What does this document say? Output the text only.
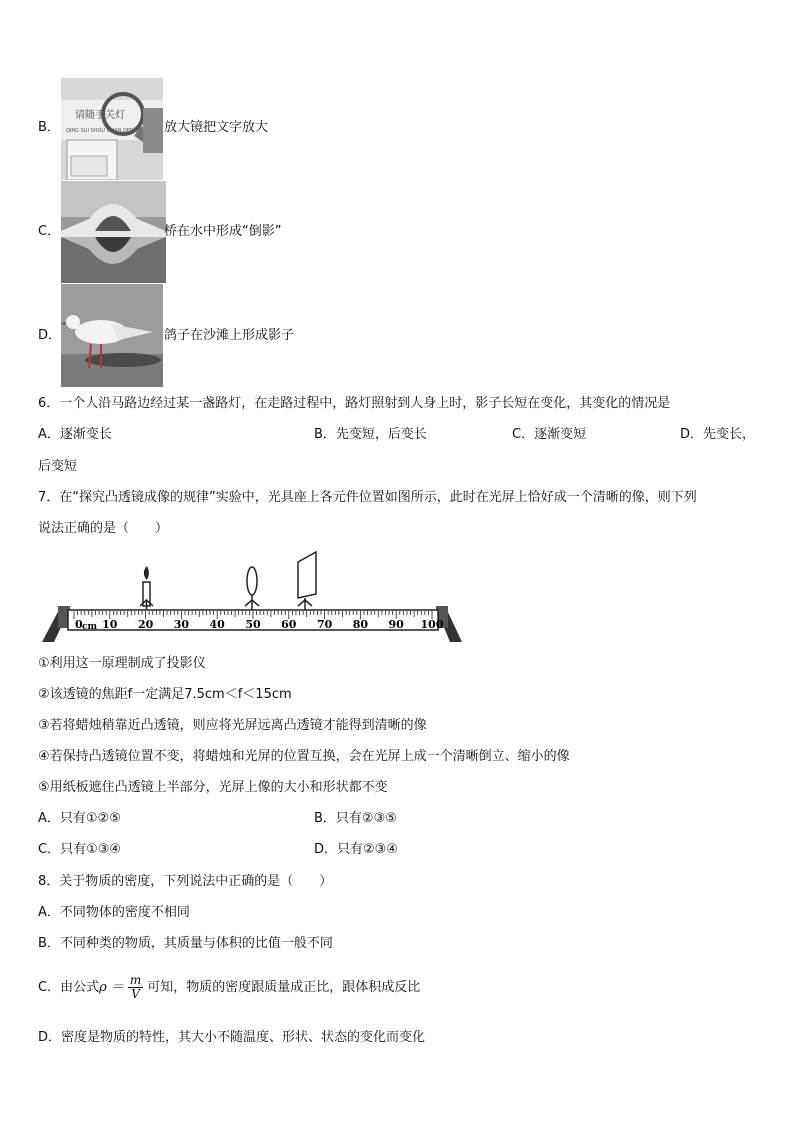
B．
请随手关灯
QING SUI SHOU GUAN DENG 放大镜把文字放大
C．	桥在水中形成“倒影”
D．	鸽子在沙滩上形成影子
6．一个人沿马路边经过某一盏路灯，在走路过程中，路灯照射到人身上时，影子长短在变化，其变化的情况是
A．逐渐变长	B．先变短，后变长	C．逐渐变短	D．先变长，
后变短
7．在“探究凸透镜成像的规律”实验中，光具座上各元件位置如图所示，此时在光屏上恰好成一个清晰的像，则下列
说法正确的是（　　）
0 10 20 30 40 50 60 70 80 90 100
cm
①利用这一原理制成了投影仪
②该透镜的焦距f一定满足7.5cm＜f＜15cm
③若将蜡烛稍靠近凸透镜，则应将光屏远离凸透镜才能得到清晰的像
④若保持凸透镜位置不变，将蜡烛和光屏的位置互换，会在光屏上成一个清晰倒立、缩小的像
⑤用纸板遮住凸透镜上半部分，光屏上像的大小和形状都不变
A．只有①②⑤	B．只有②③⑤
C．只有①③④	D．只有②③④
8．关于物质的密度，下列说法中正确的是（　　）
A．不同物体的密度不相同
B．不同种类的物质，其质量与体积的比值一般不同
C．由公式$\rho = \frac{m}{V}$ 可知，物质的密度跟质量成正比，跟体积成反比
D．密度是物质的特性，其大小不随温度、形状、状态的变化而变化
